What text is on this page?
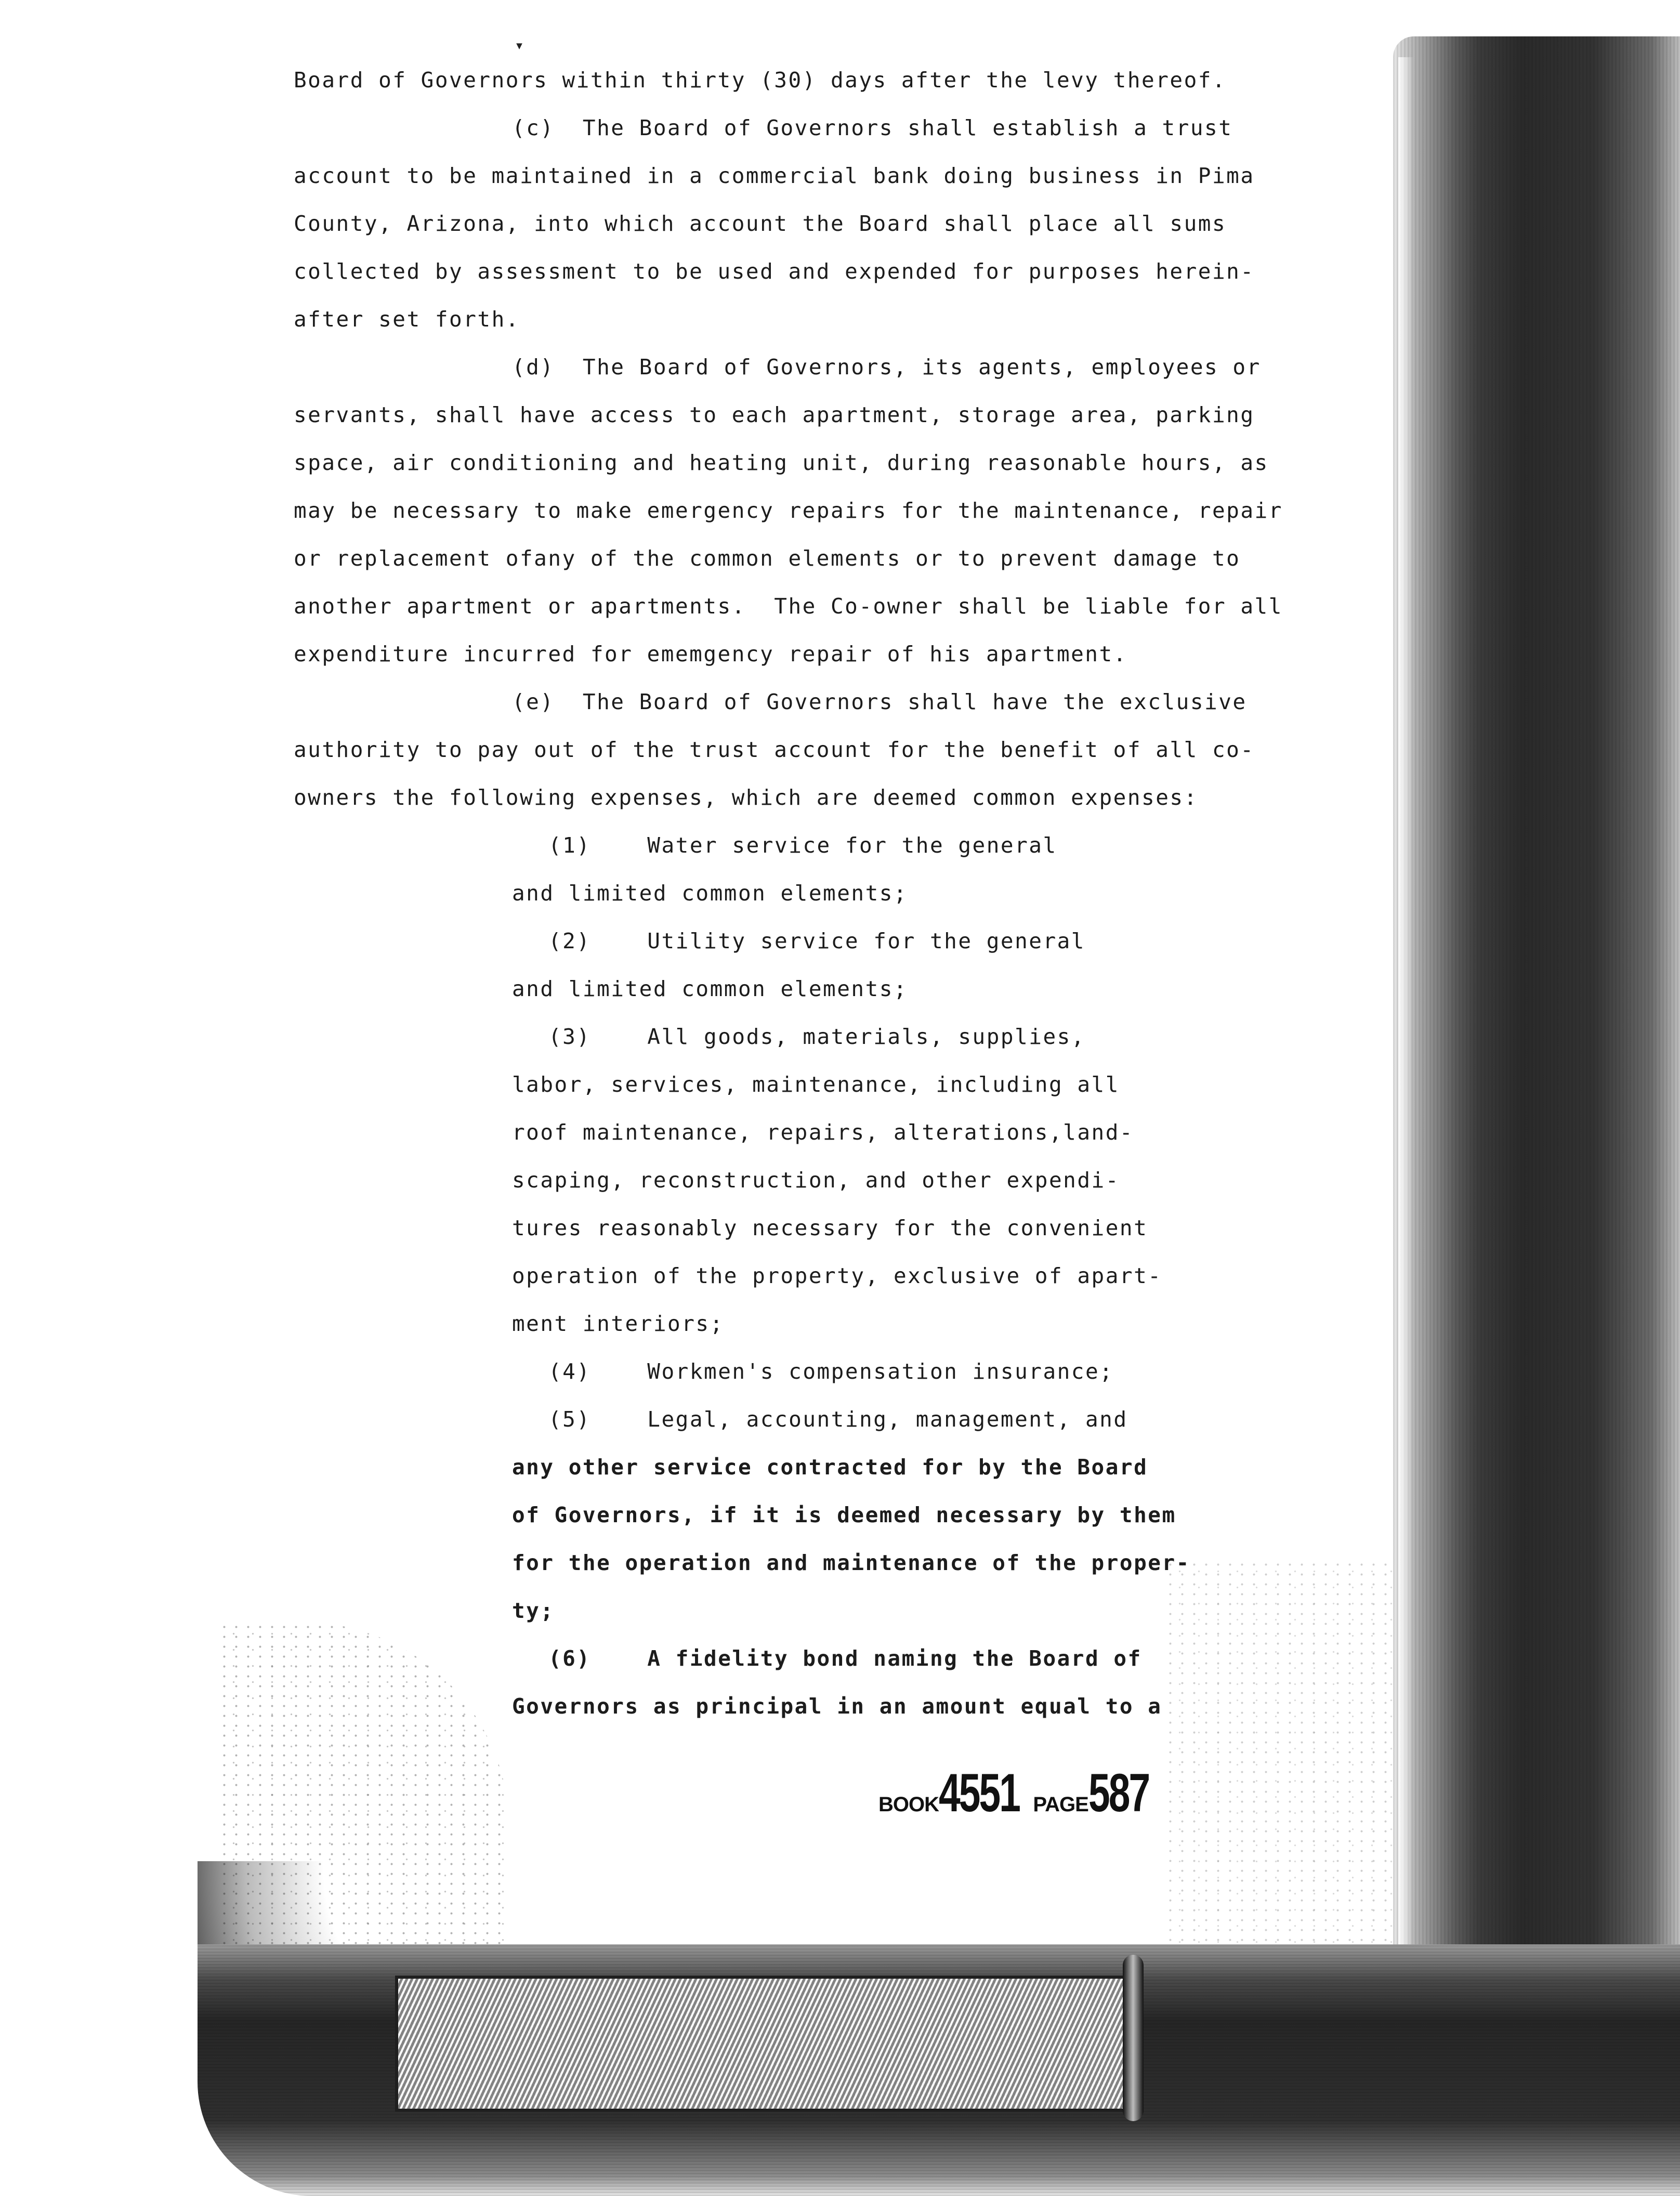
▾
Board of Governors within thirty (30) days after the levy thereof.
(c)  The Board of Governors shall establish a trust
account to be maintained in a commercial bank doing business in Pima
County, Arizona, into which account the Board shall place all sums
collected by assessment to be used and expended for purposes herein-
after set forth.
(d)  The Board of Governors, its agents, employees or
servants, shall have access to each apartment, storage area, parking
space, air conditioning and heating unit, during reasonable hours, as
may be necessary to make emergency repairs for the maintenance, repair
or replacement ofany of the common elements or to prevent damage to
another apartment or apartments.  The Co-owner shall be liable for all
expenditure incurred for ememgency repair of his apartment.
(e)  The Board of Governors shall have the exclusive
authority to pay out of the trust account for the benefit of all co-
owners the following expenses, which are deemed common expenses:
(1)    Water service for the general
and limited common elements;
(2)    Utility service for the general
and limited common elements;
(3)    All goods, materials, supplies,
labor, services, maintenance, including all
roof maintenance, repairs, alterations,land-
scaping, reconstruction, and other expendi-
tures reasonably necessary for the convenient
operation of the property, exclusive of apart-
ment interiors;
(4)    Workmen's compensation insurance;
(5)    Legal, accounting, management, and
any other service contracted for by the Board
of Governors, if it is deemed necessary by them
for the operation and maintenance of the proper-
ty;
(6)    A fidelity bond naming the Board of
Governors as principal in an amount equal to a
BOOK4551 PAGE587
